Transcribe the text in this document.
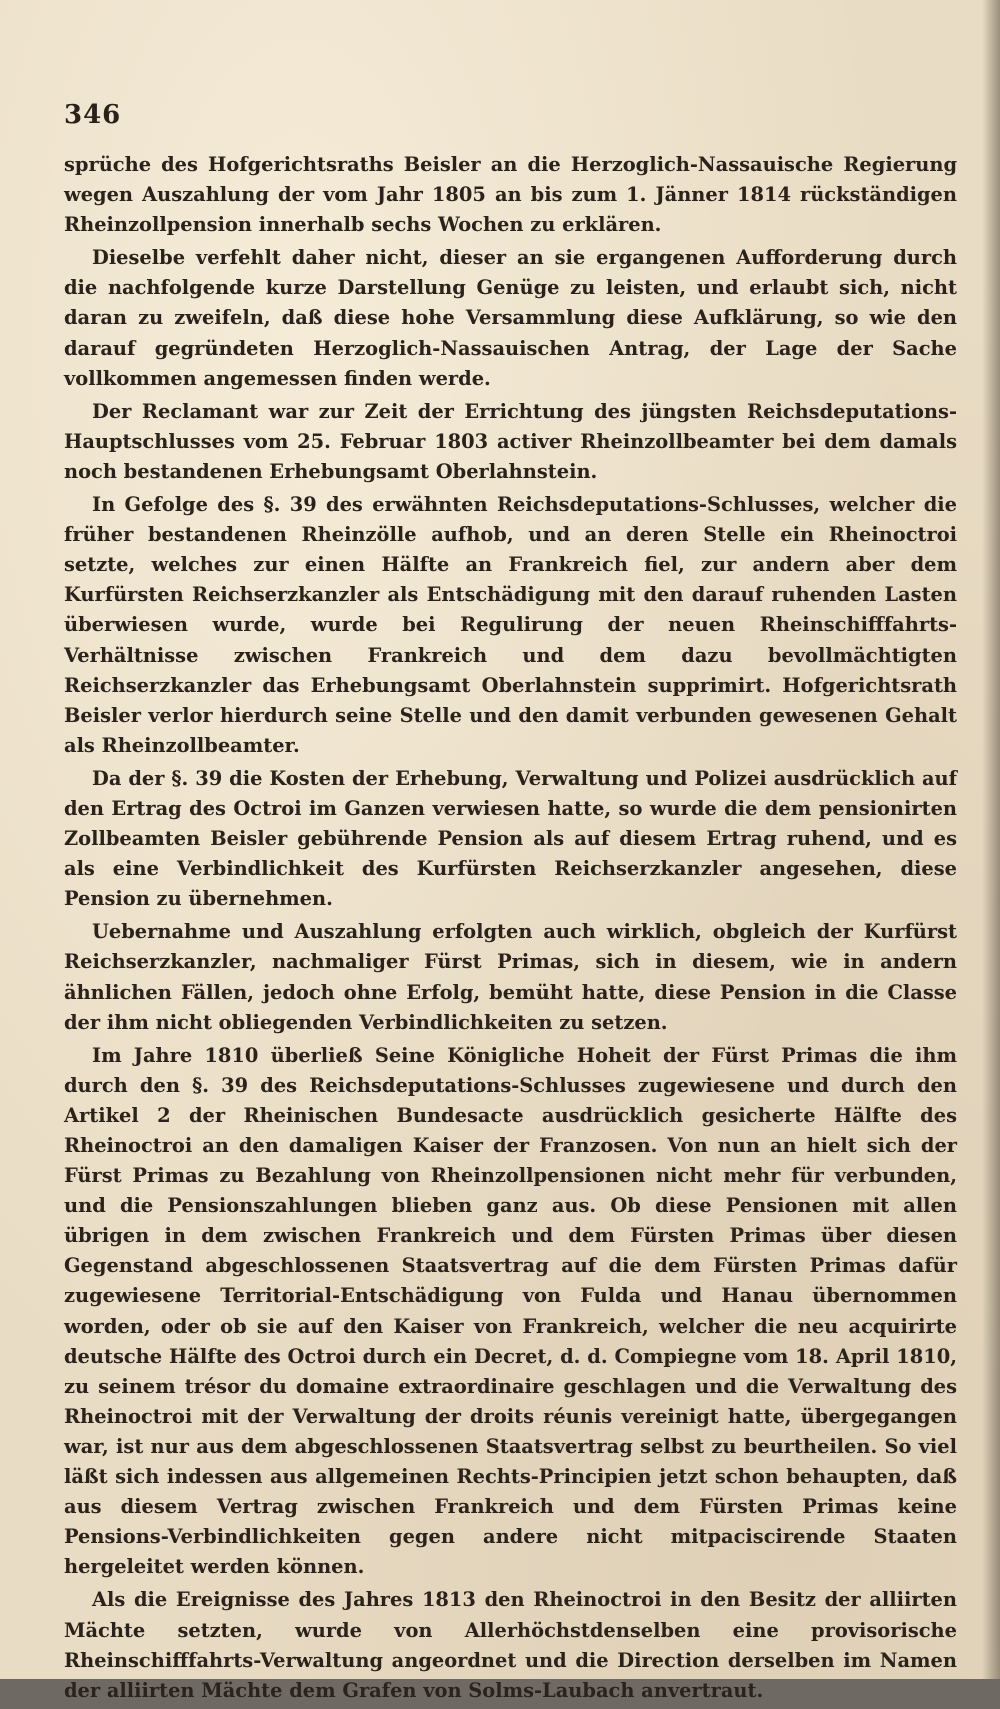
346

sprüche des Hofgerichtsraths Beisler an die Herzoglich-Nassauische Regierung wegen Auszahlung der vom Jahr 1805 an bis zum 1. Jänner 1814 rückständigen Rheinzollpension innerhalb sechs Wochen zu erklären.

Dieselbe verfehlt daher nicht, dieser an sie ergangenen Aufforderung durch die nachfolgende kurze Darstellung Genüge zu leisten, und erlaubt sich, nicht daran zu zweifeln, daß diese hohe Versammlung diese Aufklärung, so wie den darauf gegründeten Herzoglich-Nassauischen Antrag, der Lage der Sache vollkommen angemessen finden werde.

Der Reclamant war zur Zeit der Errichtung des jüngsten Reichsdeputations-Hauptschlusses vom 25. Februar 1803 activer Rheinzollbeamter bei dem damals noch bestandenen Erhebungsamt Oberlahnstein.

In Gefolge des §. 39 des erwähnten Reichsdeputations-Schlusses, welcher die früher bestandenen Rheinzölle aufhob, und an deren Stelle ein Rheinoctroi setzte, welches zur einen Hälfte an Frankreich fiel, zur andern aber dem Kurfürsten Reichserzkanzler als Entschädigung mit den darauf ruhenden Lasten überwiesen wurde, wurde bei Regulirung der neuen Rheinschifffahrts-Verhältnisse zwischen Frankreich und dem dazu bevollmächtigten Reichserzkanzler das Erhebungsamt Oberlahnstein supprimirt. Hofgerichtsrath Beisler verlor hierdurch seine Stelle und den damit verbunden gewesenen Gehalt als Rheinzollbeamter.

Da der §. 39 die Kosten der Erhebung, Verwaltung und Polizei ausdrücklich auf den Ertrag des Octroi im Ganzen verwiesen hatte, so wurde die dem pensionirten Zollbeamten Beisler gebührende Pension als auf diesem Ertrag ruhend, und es als eine Verbindlichkeit des Kurfürsten Reichserzkanzler angesehen, diese Pension zu übernehmen.

Uebernahme und Auszahlung erfolgten auch wirklich, obgleich der Kurfürst Reichserzkanzler, nachmaliger Fürst Primas, sich in diesem, wie in andern ähnlichen Fällen, jedoch ohne Erfolg, bemüht hatte, diese Pension in die Classe der ihm nicht obliegenden Verbindlichkeiten zu setzen.

Im Jahre 1810 überließ Seine Königliche Hoheit der Fürst Primas die ihm durch den §. 39 des Reichsdeputations-Schlusses zugewiesene und durch den Artikel 2 der Rheinischen Bundesacte ausdrücklich gesicherte Hälfte des Rheinoctroi an den damaligen Kaiser der Franzosen. Von nun an hielt sich der Fürst Primas zu Bezahlung von Rheinzollpensionen nicht mehr für verbunden, und die Pensionszahlungen blieben ganz aus. Ob diese Pensionen mit allen übrigen in dem zwischen Frankreich und dem Fürsten Primas über diesen Gegenstand abgeschlossenen Staatsvertrag auf die dem Fürsten Primas dafür zugewiesene Territorial-Entschädigung von Fulda und Hanau übernommen worden, oder ob sie auf den Kaiser von Frankreich, welcher die neu acquirirte deutsche Hälfte des Octroi durch ein Decret, d. d. Compiegne vom 18. April 1810, zu seinem trésor du domaine extraordinaire geschlagen und die Verwaltung des Rheinoctroi mit der Verwaltung der droits réunis vereinigt hatte, übergegangen war, ist nur aus dem abgeschlossenen Staatsvertrag selbst zu beurtheilen. So viel läßt sich indessen aus allgemeinen Rechts-Principien jetzt schon behaupten, daß aus diesem Vertrag zwischen Frankreich und dem Fürsten Primas keine Pensions-Verbindlichkeiten gegen andere nicht mitpaciscirende Staaten hergeleitet werden können.

Als die Ereignisse des Jahres 1813 den Rheinoctroi in den Besitz der alliirten Mächte setzten, wurde von Allerhöchstdenselben eine provisorische Rheinschifffahrts-Verwaltung angeordnet und die Direction derselben im Namen der alliirten Mächte dem Grafen von Solms-Laubach anvertraut.
